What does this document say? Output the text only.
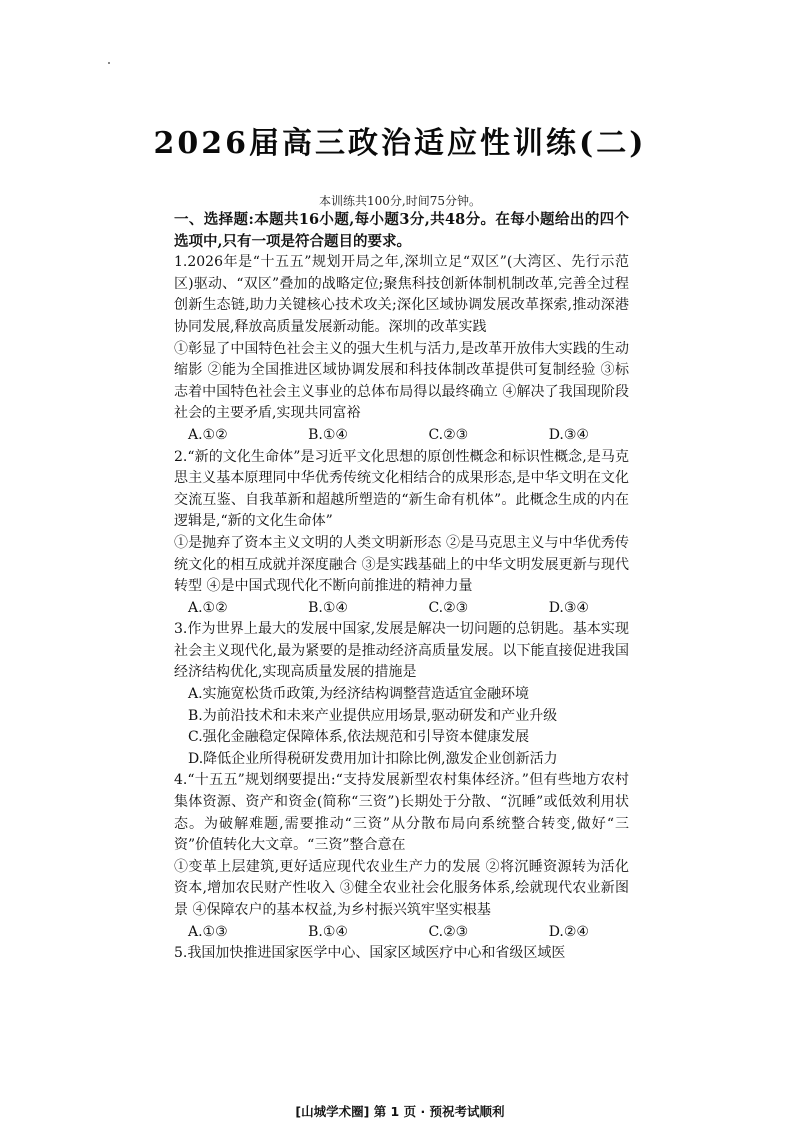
2026届高三政治适应性训练(二)
本训练共100分,时间75分钟。
一、选择题:本题共16小题,每小题3分,共48分。在每小题给出的四个选项中,只有一项是符合题目的要求。
1.2026年是“十五五”规划开局之年,深圳立足“双区”(大湾区、先行示范区)驱动、“双区”叠加的战略定位;聚焦科技创新体制机制改革,完善全过程创新生态链,助力关键核心技术攻关;深化区域协调发展改革探索,推动深港协同发展,释放高质量发展新动能。深圳的改革实践
①彰显了中国特色社会主义的强大生机与活力,是改革开放伟大实践的生动缩影 ②能为全国推进区域协调发展和科技体制改革提供可复制经验 ③标志着中国特色社会主义事业的总体布局得以最终确立 ④解决了我国现阶段社会的主要矛盾,实现共同富裕
A.①②	B.①④	C.②③	D.③④
2.“新的文化生命体”是习近平文化思想的原创性概念和标识性概念,是马克思主义基本原理同中华优秀传统文化相结合的成果形态,是中华文明在文化交流互鉴、自我革新和超越所塑造的“新生命有机体”。此概念生成的内在逻辑是,“新的文化生命体”
①是抛弃了资本主义文明的人类文明新形态 ②是马克思主义与中华优秀传统文化的相互成就并深度融合 ③是实践基础上的中华文明发展更新与现代转型 ④是中国式现代化不断向前推进的精神力量
A.①②	B.①④	C.②③	D.③④
3.作为世界上最大的发展中国家,发展是解决一切问题的总钥匙。基本实现社会主义现代化,最为紧要的是推动经济高质量发展。以下能直接促进我国经济结构优化,实现高质量发展的措施是
A.实施宽松货币政策,为经济结构调整营造适宜金融环境
B.为前沿技术和未来产业提供应用场景,驱动研发和产业升级
C.强化金融稳定保障体系,依法规范和引导资本健康发展
D.降低企业所得税研发费用加计扣除比例,激发企业创新活力
4.“十五五”规划纲要提出:“支持发展新型农村集体经济。”但有些地方农村集体资源、资产和资金(简称“三资”)长期处于分散、“沉睡”或低效利用状态。为破解难题,需要推动“三资”从分散布局向系统整合转变,做好“三资”价值转化大文章。“三资”整合意在
①变革上层建筑,更好适应现代农业生产力的发展 ②将沉睡资源转为活化资本,增加农民财产性收入 ③健全农业社会化服务体系,绘就现代农业新图景 ④保障农户的基本权益,为乡村振兴筑牢坚实根基
A.①③	B.①④	C.②③	D.②④
5.我国加快推进国家医学中心、国家区域医疗中心和省级区域医
[山城学术圈] 第 1 页 · 预祝考试顺利
